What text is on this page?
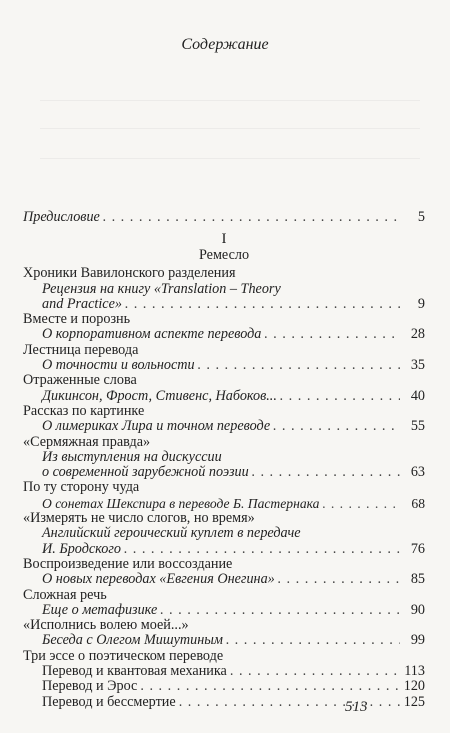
Содержание
Предисловие . . .	5
I
Ремесло
Хроники Вавилонского разделения
Рецензия на книгу «Translation – Theory
and Practice» . . .	9
Вместе и порознь
О корпоративном аспекте перевода . . .	28
Лестница перевода
О точности и вольности . . .	35
Отраженные слова
Дикинсон, Фрост, Стивенс, Набоков... . . .	40
Рассказ по картинке
О лимериках Лира и точном переводе . . .	55
«Сермяжная правда»
Из выступления на дискуссии
о современной зарубежной поэзии . . .	63
По ту сторону чуда
О сонетах Шекспира в переводе Б. Пастернака . . .	68
«Измерять не число слогов, но время»
Английский героический куплет в передаче
И. Бродского . . .	76
Воспроизведение или воссоздание
О новых переводах «Евгения Онегина» . . .	85
Сложная речь
Еще о метафизике . . .	90
«Исполнись волею моей...»
Беседа с Олегом Мишутиным . . .	99
Три эссе о поэтическом переводе
Перевод и квантовая механика . . .	113
Перевод и Эрос . . .	120
Перевод и бессмертие . . .	125
513
